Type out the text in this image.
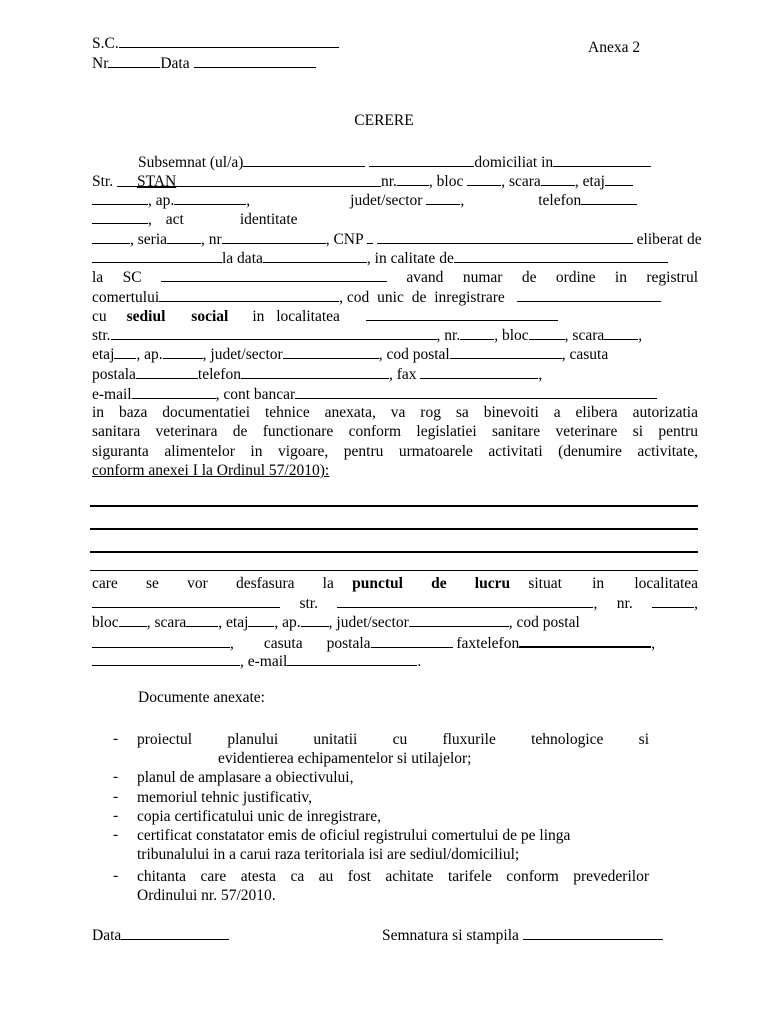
S.C.	Anexa 2
Nr	Data
CERERE
Subsemnat (ul/a)	domiciliat in
Str. STAN	nr. , bloc , scara , etaj
, ap.	,	judet/sector ,	telefon
, act	identitate
, seria , nr	, CNP	eliberat de
la data	, in calitate de
la SC	avand numar de ordine in registrul
comertului	, cod unic de inregistrare
cu sediul social in localitatea
str.	, nr. , bloc , scara ,
etaj , ap.	, judet/sector	, cod postal	, casuta
postala	telefon	, fax	,
e-mail	, cont bancar
in baza documentatiei tehnice anexata, va rog sa binevoiti a elibera autorizatia
sanitara veterinara de functionare conform legislatiei sanitare veterinare si pentru
siguranta alimentelor in vigoare, pentru urmatoarele activitati (denumire activitate,
conform anexei I la Ordinul 57/2010):
care se vor desfasura la punctul de lucru situat in localitatea
str.	, nr.	,
bloc , scara , etaj , ap. , judet/sector	, cod postal
, casuta postala	faxtelefon	,
, e-mail	.
Documente anexate:
- proiectul planului unitatii cu fluxurile tehnologice si
evidentierea echipamentelor si utilajelor;
- planul de amplasare a obiectivului,
- memoriul tehnic justificativ,
- copia certificatului unic de inregistrare,
- certificat constatator emis de oficiul registrului comertului de pe linga
tribunalului in a carui raza teritoriala isi are sediul/domiciliul;
- chitanta care atesta ca au fost achitate tarifele conform prevederilor
Ordinului nr. 57/2010.
Data	Semnatura si stampila
